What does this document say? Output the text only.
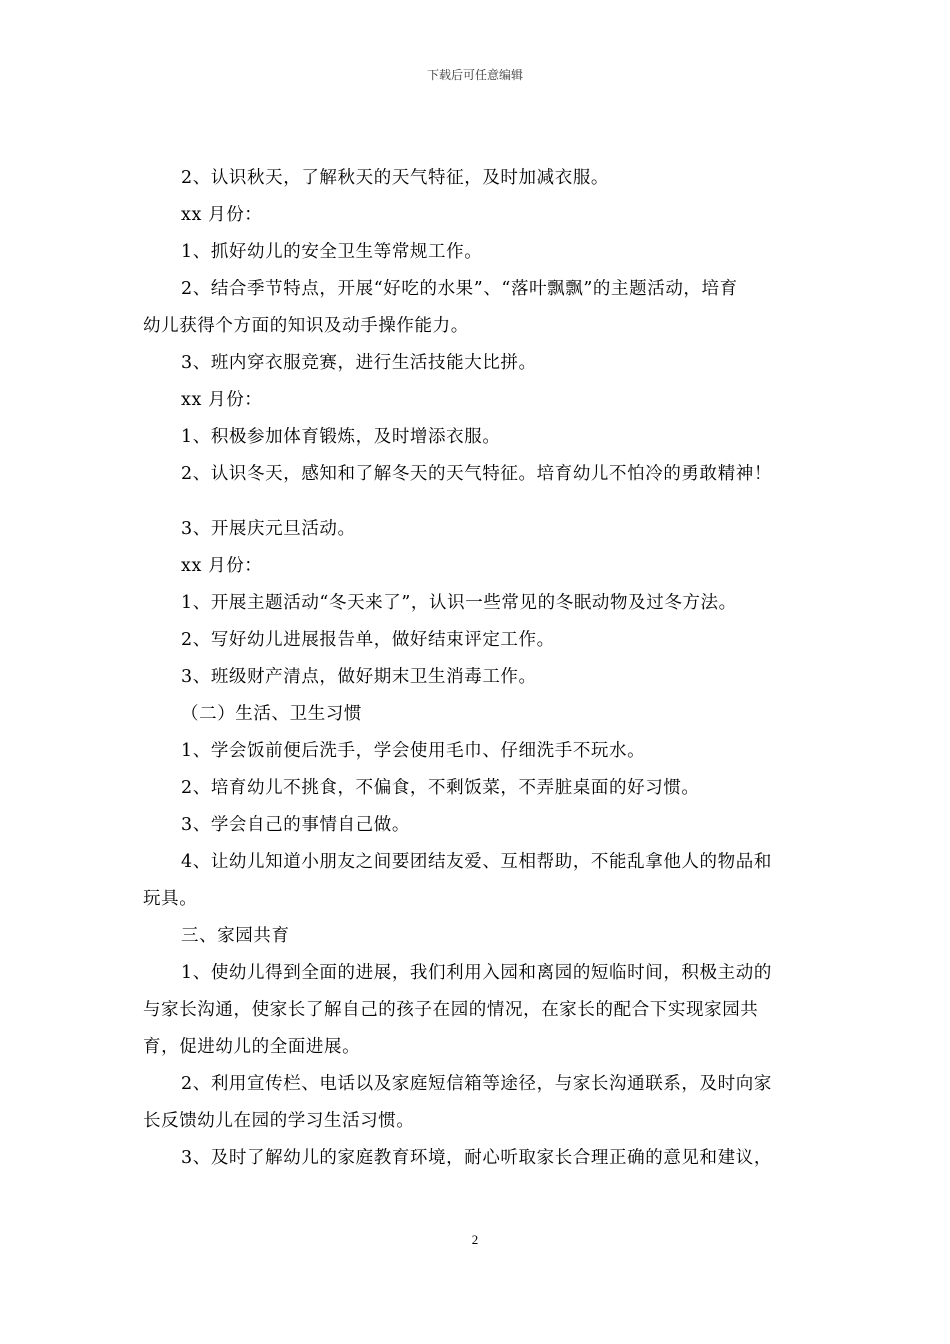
下载后可任意编辑

2、认识秋天，了解秋天的天气特征，及时加减衣服。

xx 月份：

1、抓好幼儿的安全卫生等常规工作。

2、结合季节特点，开展“好吃的水果”、“落叶飘飘”的主题活动，培育

幼儿获得个方面的知识及动手操作能力。

3、班内穿衣服竞赛，进行生活技能大比拼。

xx 月份：

1、积极参加体育锻炼，及时增添衣服。

2、认识冬天，感知和了解冬天的天气特征。培育幼儿不怕冷的勇敢精神！

3、开展庆元旦活动。

xx 月份：

1、开展主题活动“冬天来了”，认识一些常见的冬眠动物及过冬方法。

2、写好幼儿进展报告单，做好结束评定工作。

3、班级财产清点，做好期末卫生消毒工作。

（二）生活、卫生习惯

1、学会饭前便后洗手，学会使用毛巾、仔细洗手不玩水。

2、培育幼儿不挑食，不偏食，不剩饭菜，不弄脏桌面的好习惯。

3、学会自己的事情自己做。

4、让幼儿知道小朋友之间要团结友爱、互相帮助，不能乱拿他人的物品和

玩具。

三、家园共育

1、使幼儿得到全面的进展，我们利用入园和离园的短临时间，积极主动的

与家长沟通，使家长了解自己的孩子在园的情况，在家长的配合下实现家园共

育，促进幼儿的全面进展。

2、利用宣传栏、电话以及家庭短信箱等途径，与家长沟通联系，及时向家

长反馈幼儿在园的学习生活习惯。

3、及时了解幼儿的家庭教育环境，耐心听取家长合理正确的意见和建议，

2
